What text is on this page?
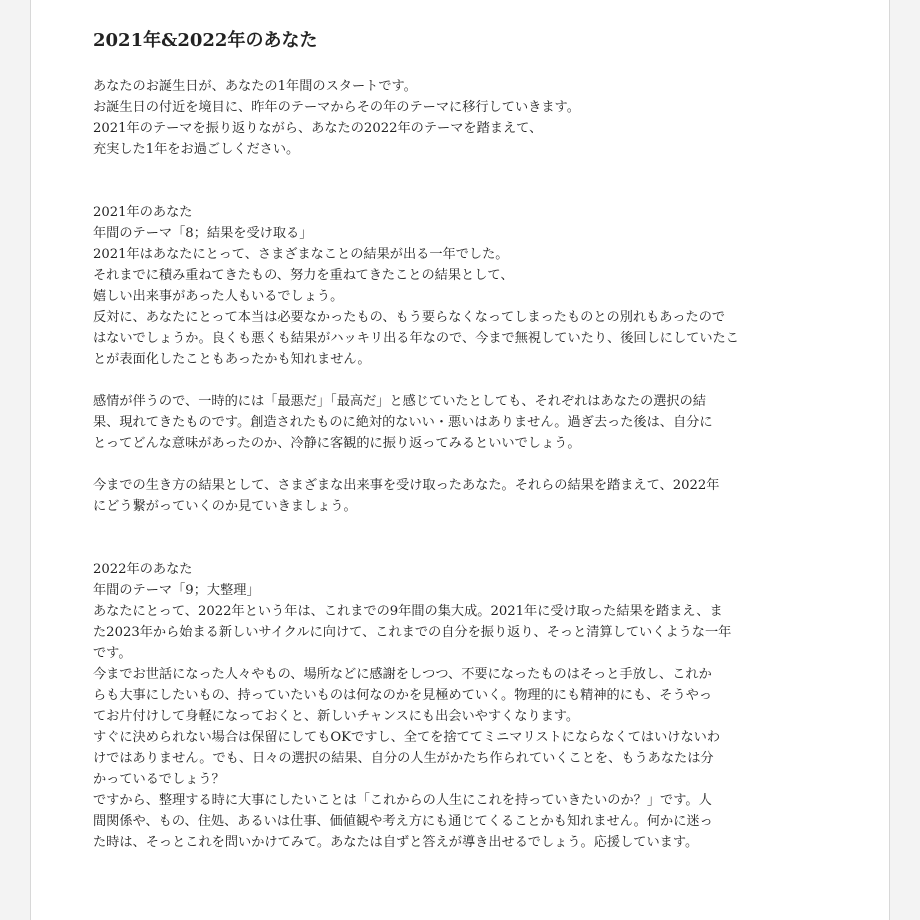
2021年&2022年のあなた
あなたのお誕生日が、あなたの1年間のスタートです。
お誕生日の付近を境目に、昨年のテーマからその年のテーマに移行していきます。
2021年のテーマを振り返りながら、あなたの2022年のテーマを踏まえて、
充実した1年をお過ごしください。
2021年のあなた
年間のテーマ「8；結果を受け取る」
2021年はあなたにとって、さまざまなことの結果が出る一年でした。
それまでに積み重ねてきたもの、努力を重ねてきたことの結果として、
嬉しい出来事があった人もいるでしょう。
反対に、あなたにとって本当は必要なかったもの、もう要らなくなってしまったものとの別れもあったので
はないでしょうか。良くも悪くも結果がハッキリ出る年なので、今まで無視していたり、後回しにしていたこ
とが表面化したこともあったかも知れません。
感情が伴うので、一時的には「最悪だ」「最高だ」と感じていたとしても、それぞれはあなたの選択の結
果、現れてきたものです。創造されたものに絶対的ないい・悪いはありません。過ぎ去った後は、自分に
とってどんな意味があったのか、冷静に客観的に振り返ってみるといいでしょう。
今までの生き方の結果として、さまざまな出来事を受け取ったあなた。それらの結果を踏まえて、2022年
にどう繋がっていくのか見ていきましょう。
2022年のあなた
年間のテーマ「9；大整理」
あなたにとって、2022年という年は、これまでの9年間の集大成。2021年に受け取った結果を踏まえ、ま
た2023年から始まる新しいサイクルに向けて、これまでの自分を振り返り、そっと清算していくような一年
です。
今までお世話になった人々やもの、場所などに感謝をしつつ、不要になったものはそっと手放し、これか
らも大事にしたいもの、持っていたいものは何なのかを見極めていく。物理的にも精神的にも、そうやっ
てお片付けして身軽になっておくと、新しいチャンスにも出会いやすくなります。
すぐに決められない場合は保留にしてもOKですし、全てを捨ててミニマリストにならなくてはいけないわ
けではありません。でも、日々の選択の結果、自分の人生がかたち作られていくことを、もうあなたは分
かっているでしょう？
ですから、整理する時に大事にしたいことは「これからの人生にこれを持っていきたいのか？」です。人
間関係や、もの、住処、あるいは仕事、価値観や考え方にも通じてくることかも知れません。何かに迷っ
た時は、そっとこれを問いかけてみて。あなたは自ずと答えが導き出せるでしょう。応援しています。
